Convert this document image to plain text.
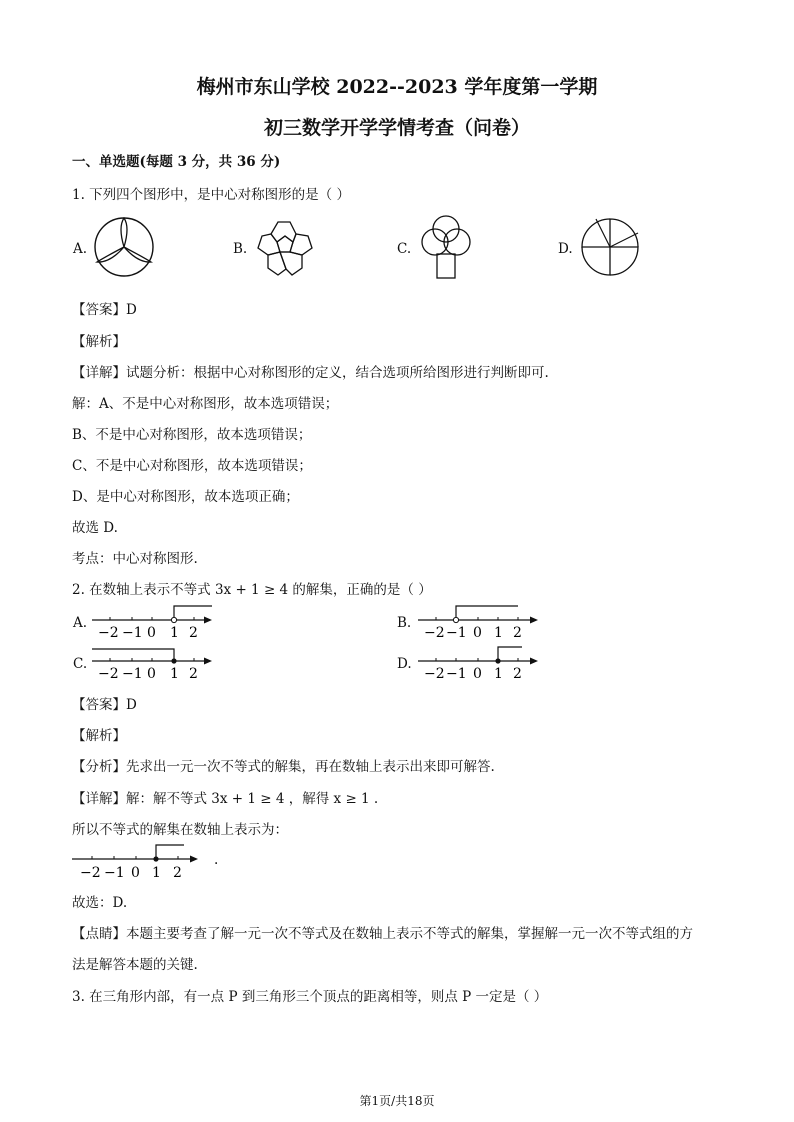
梅州市东山学校 2022--2023 学年度第一学期
初三数学开学学情考查（问卷）
一、单选题(每题 3 分，共 36 分)
1. 下列四个图形中，是中心对称图形的是（ ）
A.	B.	C.	D.
【答案】D
【解析】
【详解】试题分析：根据中心对称图形的定义，结合选项所给图形进行判断即可.
解：A、不是中心对称图形，故本选项错误；
B、不是中心对称图形，故本选项错误；
C、不是中心对称图形，故本选项错误；
D、是中心对称图形，故本选项正确；
故选 D.
考点：中心对称图形.
2. 在数轴上表示不等式 3x + 1 ≥ 4 的解集，正确的是（ ）
A.
−2 −1 0 1 2
B.
−2 −1 0 1 2
C.
−2 −1 0 1 2
D.
−2 −1 0 1 2
【答案】D
【解析】
【分析】先求出一元一次不等式的解集，再在数轴上表示出来即可解答.
【详解】解：解不等式 3x + 1 ≥ 4 ，解得 x ≥ 1 .
所以不等式的解集在数轴上表示为：
−2 −1 0 1 2
.
故选：D.
【点睛】本题主要考查了解一元一次不等式及在数轴上表示不等式的解集，掌握解一元一次不等式组的方
法是解答本题的关键.
3. 在三角形内部，有一点 P 到三角形三个顶点的距离相等，则点 P 一定是（ ）
第1页/共18页
